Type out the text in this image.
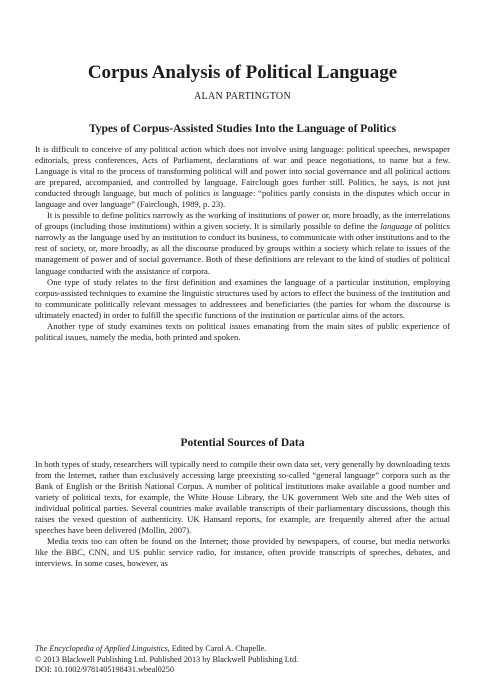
Corpus Analysis of Political Language
ALAN PARTINGTON
Types of Corpus-Assisted Studies Into the Language of Politics

It is difficult to conceive of any political action which does not involve using language: political speeches, newspaper editorials, press conferences, Acts of Parliament, declarations of war and peace negotiations, to name but a few. Language is vital to the process of transforming political will and power into social governance and all political actions are prepared, accompanied, and controlled by language. Fairclough goes further still. Politics, he says, is not just conducted through language, but much of politics is language: “politics partly consists in the disputes which occur in language and over language” (Fairclough, 1989, p. 23).

It is possible to define politics narrowly as the working of institutions of power or, more broadly, as the interrelations of groups (including those institutions) within a given society. It is similarly possible to define the language of politics narrowly as the language used by an institution to conduct its business, to communicate with other institutions and to the rest of society, or, more broadly, as all the discourse produced by groups within a society which relate to issues of the management of power and of social governance. Both of these definitions are relevant to the kind of studies of political language conducted with the assistance of corpora.

One type of study relates to the first definition and examines the language of a particular institution, employing corpus-assisted techniques to examine the linguistic structures used by actors to effect the business of the institution and to communicate politically relevant messages to addressees and beneficiaries (the parties for whom the discourse is ultimately enacted) in order to fulfill the specific functions of the institution or particular aims of the actors.

Another type of study examines texts on political issues emanating from the main sites of public experience of political issues, namely the media, both printed and spoken.

Potential Sources of Data

In both types of study, researchers will typically need to compile their own data set, very generally by downloading texts from the Internet, rather than exclusively accessing large preexisting so-called “general language” corpora such as the Bank of English or the British National Corpus. A number of political institutions make available a good number and variety of political texts, for example, the White House Library, the UK government Web site and the Web sites of individual political parties. Several countries make available transcripts of their parliamentary discussions, though this raises the vexed question of authenticity. UK Hansard reports, for example, are frequently altered after the actual speeches have been delivered (Mollin, 2007).

Media texts too can often be found on the Internet; those provided by newspapers, of course, but media networks like the BBC, CNN, and US public service radio, for instance, often provide transcripts of speeches, debates, and interviews. In some cases, however, as

The Encyclopedia of Applied Linguistics, Edited by Carol A. Chapelle.
© 2013 Blackwell Publishing Ltd. Published 2013 by Blackwell Publishing Ltd.
DOI: 10.1002/9781405198431.wbeal0250
